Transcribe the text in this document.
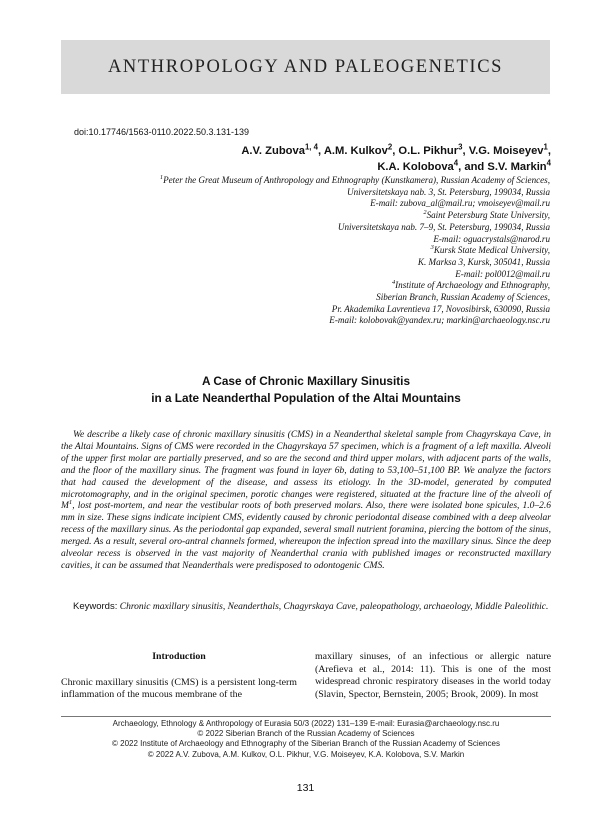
ANTHROPOLOGY AND PALEOGENETICS
doi:10.17746/1563-0110.2022.50.3.131-139
A.V. Zubova$^{1, 4}$, A.M. Kulkov$^2$, O.L. Pikhur$^3$, V.G. Moiseyev$^1$,
K.A. Kolobova$^4$, and S.V. Markin$^4$
$^1$Peter the Great Museum of Anthropology and Ethnography (Kunstkamera), Russian Academy of Sciences,
Universitetskaya nab. 3, St. Petersburg, 199034, Russia
E-mail: zubova_al@mail.ru; vmoiseyev@mail.ru
$^2$Saint Petersburg State University,
Universitetskaya nab. 7–9, St. Petersburg, 199034, Russia
E-mail: oguacrystals@narod.ru
$^3$Kursk State Medical University,
K. Marksa 3, Kursk, 305041, Russia
E-mail: pol0012@mail.ru
$^4$Institute of Archaeology and Ethnography,
Siberian Branch, Russian Academy of Sciences,
Pr. Akademika Lavrentieva 17, Novosibirsk, 630090, Russia
E-mail: kolobovak@yandex.ru; markin@archaeology.nsc.ru
A Case of Chronic Maxillary Sinusitis
in a Late Neanderthal Population of the Altai Mountains

We describe a likely case of chronic maxillary sinusitis (CMS) in a Neanderthal skeletal sample from Chagyrskaya Cave, in the Altai Mountains. Signs of CMS were recorded in the Chagyrskaya 57 specimen, which is a fragment of a left maxilla. Alveoli of the upper first molar are partially preserved, and so are the second and third upper molars, with adjacent parts of the walls, and the floor of the maxillary sinus. The fragment was found in layer 6b, dating to 53,100–51,100 BP. We analyze the factors that had caused the development of the disease, and assess its etiology. In the 3D-model, generated by computed microtomography, and in the original specimen, porotic changes were registered, situated at the fracture line of the alveoli of $M^1$, lost post-mortem, and near the vestibular roots of both preserved molars. Also, there were isolated bone spicules, 1.0–2.6 mm in size. These signs indicate incipient CMS, evidently caused by chronic periodontal disease combined with a deep alveolar recess of the maxillary sinus. As the periodontal gap expanded, several small nutrient foramina, piercing the bottom of the sinus, merged. As a result, several oro-antral channels formed, whereupon the infection spread into the maxillary sinus. Since the deep alveolar recess is observed in the vast majority of Neanderthal crania with published images or reconstructed maxillary cavities, it can be assumed that Neanderthals were predisposed to odontogenic CMS.

Keywords: Chronic maxillary sinusitis, Neanderthals, Chagyrskaya Cave, paleopathology, archaeology, Middle Paleolithic.

Introduction

Chronic maxillary sinusitis (CMS) is a persistent long-term inflammation of the mucous membrane of the

maxillary sinuses, of an infectious or allergic nature (Arefieva et al., 2014: 11). This is one of the most widespread chronic respiratory diseases in the world today (Slavin, Spector, Bernstein, 2005; Brook, 2009). In most

Archaeology, Ethnology & Anthropology of Eurasia 50/3 (2022) 131–139 E-mail: Eurasia@archaeology.nsc.ru
© 2022 Siberian Branch of the Russian Academy of Sciences
© 2022 Institute of Archaeology and Ethnography of the Siberian Branch of the Russian Academy of Sciences
© 2022 A.V. Zubova, A.M. Kulkov, O.L. Pikhur, V.G. Moiseyev, K.A. Kolobova, S.V. Markin
131
